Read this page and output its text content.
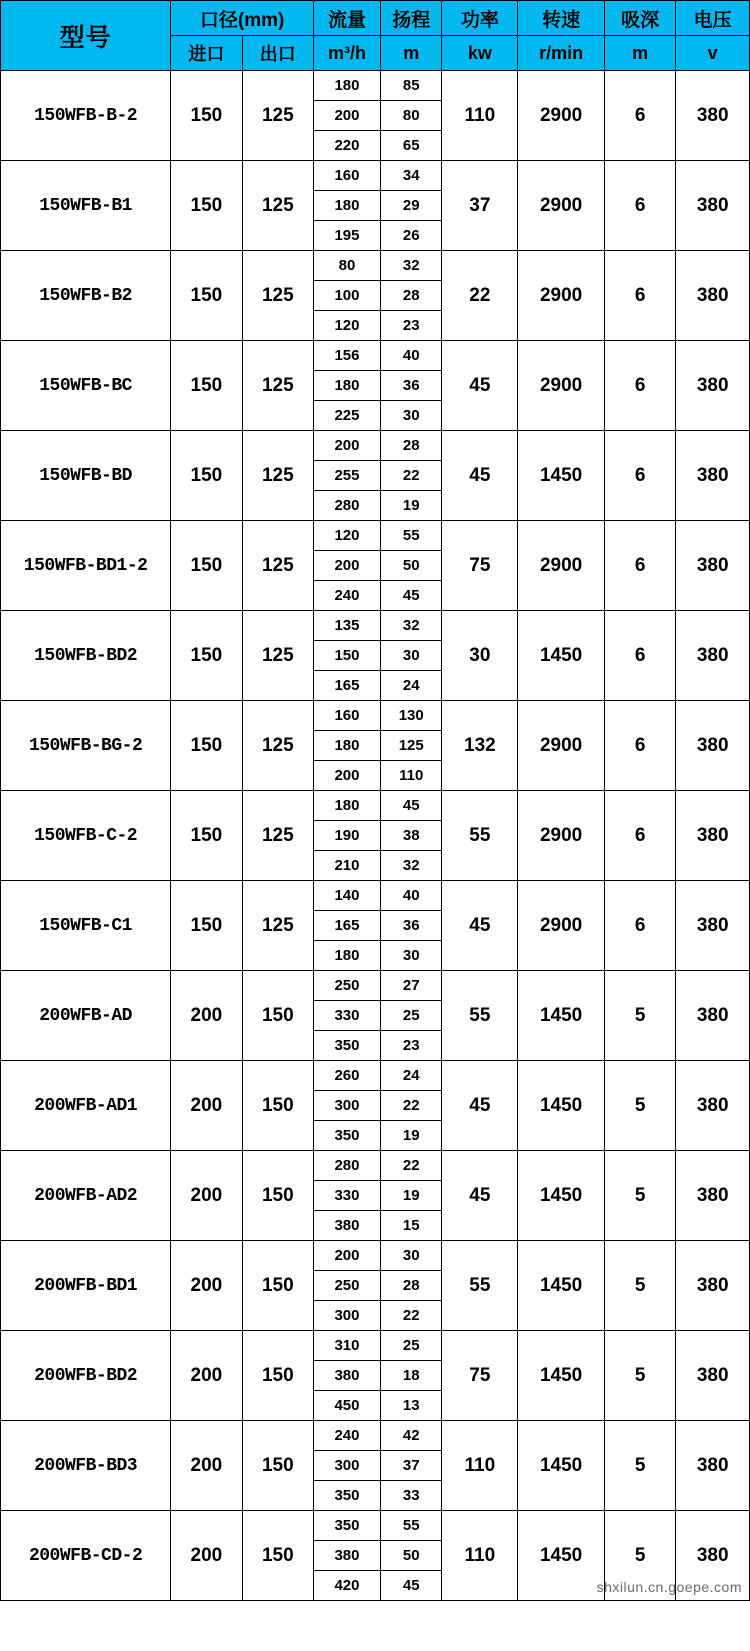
型号	口径(mm)		流量	扬程	功率	转速	吸深	电压
	进口	出口	m³/h	m	kw	r/min	m	v
150WFB-B-2	150	125	180	85	110	2900	6	380
			200	80				
			220	65				
150WFB-B1	150	125	160	34	37	2900	6	380
			180	29				
			195	26				
150WFB-B2	150	125	80	32	22	2900	6	380
			100	28				
			120	23				
150WFB-BC	150	125	156	40	45	2900	6	380
			180	36				
			225	30				
150WFB-BD	150	125	200	28	45	1450	6	380
			255	22				
			280	19				
150WFB-BD1-2	150	125	120	55	75	2900	6	380
			200	50				
			240	45				
150WFB-BD2	150	125	135	32	30	1450	6	380
			150	30				
			165	24				
150WFB-BG-2	150	125	160	130	132	2900	6	380
			180	125				
			200	110				
150WFB-C-2	150	125	180	45	55	2900	6	380
			190	38				
			210	32				
150WFB-C1	150	125	140	40	45	2900	6	380
			165	36				
			180	30				
200WFB-AD	200	150	250	27	55	1450	5	380
			330	25				
			350	23				
200WFB-AD1	200	150	260	24	45	1450	5	380
			300	22				
			350	19				
200WFB-AD2	200	150	280	22	45	1450	5	380
			330	19				
			380	15				
200WFB-BD1	200	150	200	30	55	1450	5	380
			250	28				
			300	22				
200WFB-BD2	200	150	310	25	75	1450	5	380
			380	18				
			450	13				
200WFB-BD3	200	150	240	42	110	1450	5	380
			300	37				
			350	33				
200WFB-CD-2	200	150	350	55	110	1450	5	380
			380	50				
			420	45					shxilun.cn.goepe.com
